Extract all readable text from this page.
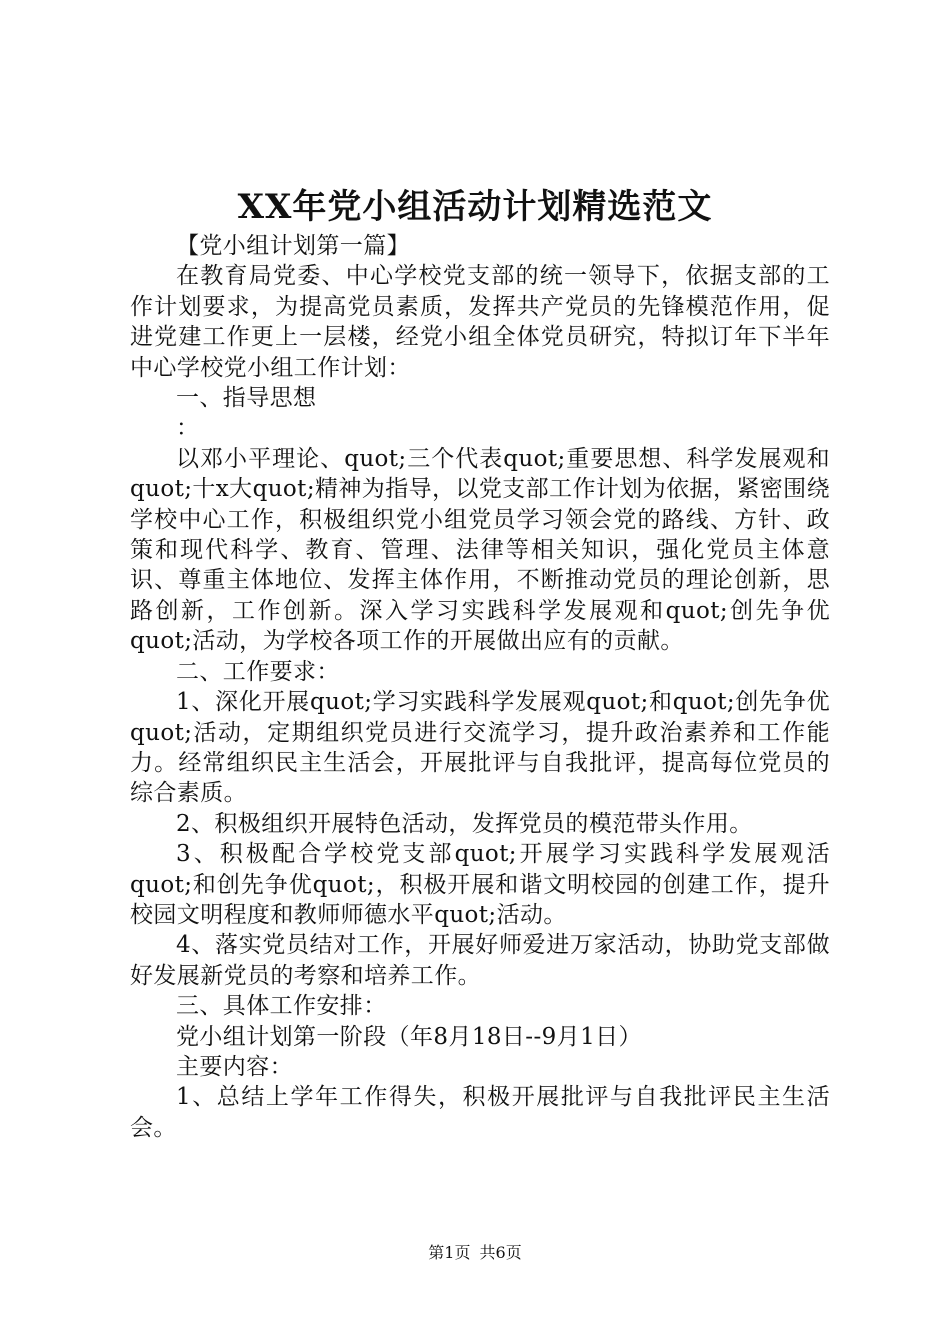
XX年党小组活动计划精选范文

【党小组计划第一篇】

在教育局党委、中心学校党支部的统一领导下，依据支部的工作计划要求，为提高党员素质，发挥共产党员的先锋模范作用，促进党建工作更上一层楼，经党小组全体党员研究，特拟订年下半年中心学校党小组工作计划：

一、指导思想

：

以邓小平理论、quot;三个代表quot;重要思想、科学发展观和quot;十x大quot;精神为指导，以党支部工作计划为依据，紧密围绕学校中心工作，积极组织党小组党员学习领会党的路线、方针、政策和现代科学、教育、管理、法律等相关知识，强化党员主体意识、尊重主体地位、发挥主体作用，不断推动党员的理论创新，思路创新，工作创新。深入学习实践科学发展观和quot;创先争优quot;活动，为学校各项工作的开展做出应有的贡献。

二、工作要求：

1、深化开展quot;学习实践科学发展观quot;和quot;创先争优quot;活动，定期组织党员进行交流学习，提升政治素养和工作能力。经常组织民主生活会，开展批评与自我批评，提高每位党员的综合素质。

2、积极组织开展特色活动，发挥党员的模范带头作用。

3、积极配合学校党支部quot;开展学习实践科学发展观活quot;和创先争优quot;，积极开展和谐文明校园的创建工作，提升校园文明程度和教师师德水平quot;活动。

4、落实党员结对工作，开展好师爱进万家活动，协助党支部做好发展新党员的考察和培养工作。

三、具体工作安排：

党小组计划第一阶段（年8月18日--9月1日）

主要内容：

1、总结上学年工作得失，积极开展批评与自我批评民主生活会。

第1页 共6页
